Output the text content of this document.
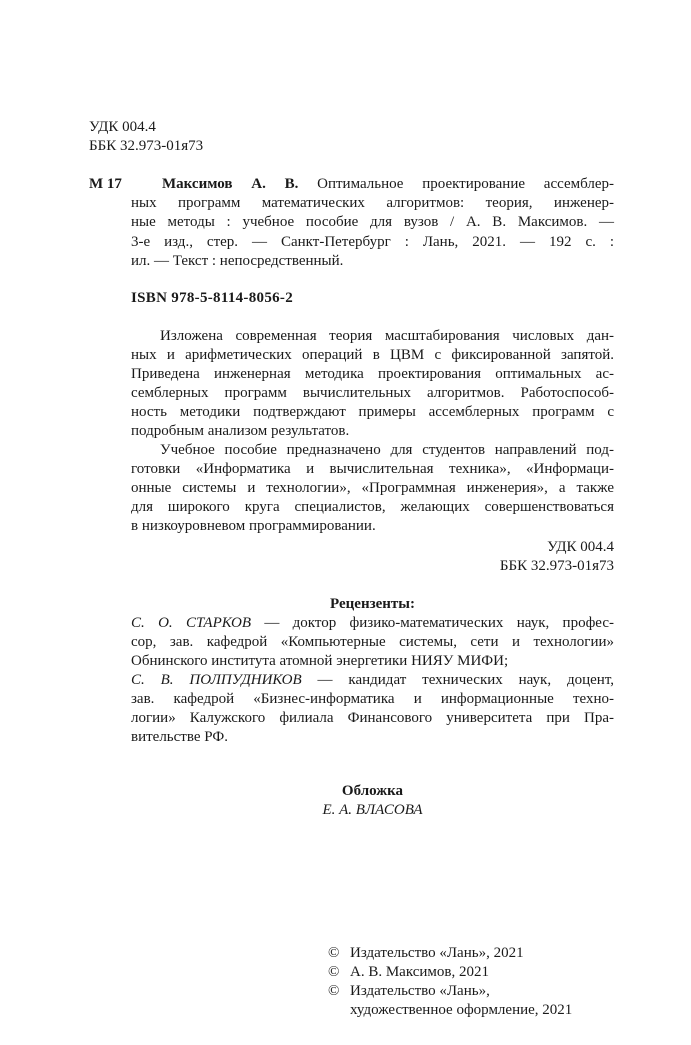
УДК 004.4
ББК 32.973-01я73
М 17	Максимов А. В. Оптимальное проектирование ассемблер-
ных программ математических алгоритмов: теория, инженер-
ные методы : учебное пособие для вузов / А. В. Максимов. —
3-е изд., стер. — Санкт-Петербург : Лань, 2021. — 192 с. :
ил. — Текст : непосредственный.
ISBN 978-5-8114-8056-2
Изложена современная теория масштабирования числовых дан-
ных и арифметических операций в ЦВМ с фиксированной запятой.
Приведена инженерная методика проектирования оптимальных ас-
семблерных программ вычислительных алгоритмов. Работоспособ-
ность методики подтверждают примеры ассемблерных программ с
подробным анализом результатов.
Учебное пособие предназначено для студентов направлений под-
готовки «Информатика и вычислительная техника», «Информаци-
онные системы и технологии», «Программная инженерия», а также
для широкого круга специалистов, желающих совершенствоваться
в низкоуровневом программировании.
УДК 004.4
ББК 32.973-01я73
Рецензенты:
С. О. СТАРКОВ — доктор физико-математических наук, профес-
сор, зав. кафедрой «Компьютерные системы, сети и технологии»
Обнинского института атомной энергетики НИЯУ МИФИ;
С. В. ПОЛПУДНИКОВ — кандидат технических наук, доцент,
зав. кафедрой «Бизнес-информатика и информационные техно-
логии» Калужского филиала Финансового университета при Пра-
вительстве РФ.
Обложка
Е. А. ВЛАСОВА
© Издательство «Лань», 2021
© А. В. Максимов, 2021
© Издательство «Лань»,
художественное оформление, 2021
